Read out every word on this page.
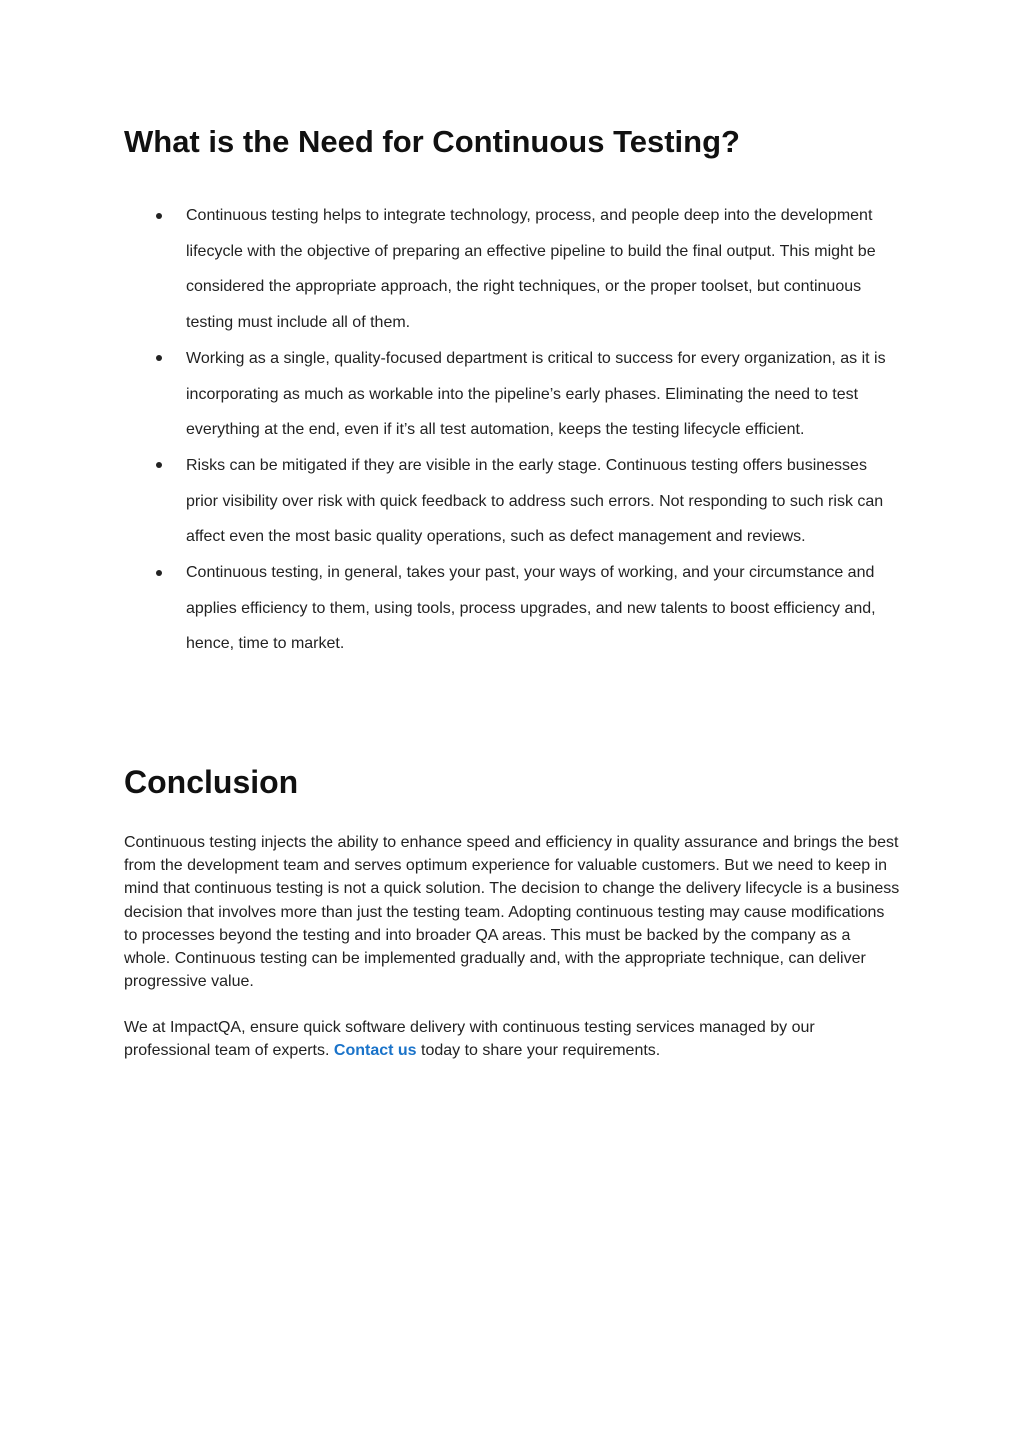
What is the Need for Continuous Testing?
Continuous testing helps to integrate technology, process, and people deep into the development lifecycle with the objective of preparing an effective pipeline to build the final output. This might be considered the appropriate approach, the right techniques, or the proper toolset, but continuous testing must include all of them.
Working as a single, quality-focused department is critical to success for every organization, as it is incorporating as much as workable into the pipeline’s early phases. Eliminating the need to test everything at the end, even if it’s all test automation, keeps the testing lifecycle efficient.
Risks can be mitigated if they are visible in the early stage. Continuous testing offers businesses prior visibility over risk with quick feedback to address such errors. Not responding to such risk can affect even the most basic quality operations, such as defect management and reviews.
Continuous testing, in general, takes your past, your ways of working, and your circumstance and applies efficiency to them, using tools, process upgrades, and new talents to boost efficiency and, hence, time to market.
Conclusion

Continuous testing injects the ability to enhance speed and efficiency in quality assurance and brings the best from the development team and serves optimum experience for valuable customers. But we need to keep in mind that continuous testing is not a quick solution. The decision to change the delivery lifecycle is a business decision that involves more than just the testing team. Adopting continuous testing may cause modifications to processes beyond the testing and into broader QA areas. This must be backed by the company as a whole. Continuous testing can be implemented gradually and, with the appropriate technique, can deliver progressive value.

We at ImpactQA, ensure quick software delivery with continuous testing services managed by our professional team of experts. Contact us today to share your requirements.
